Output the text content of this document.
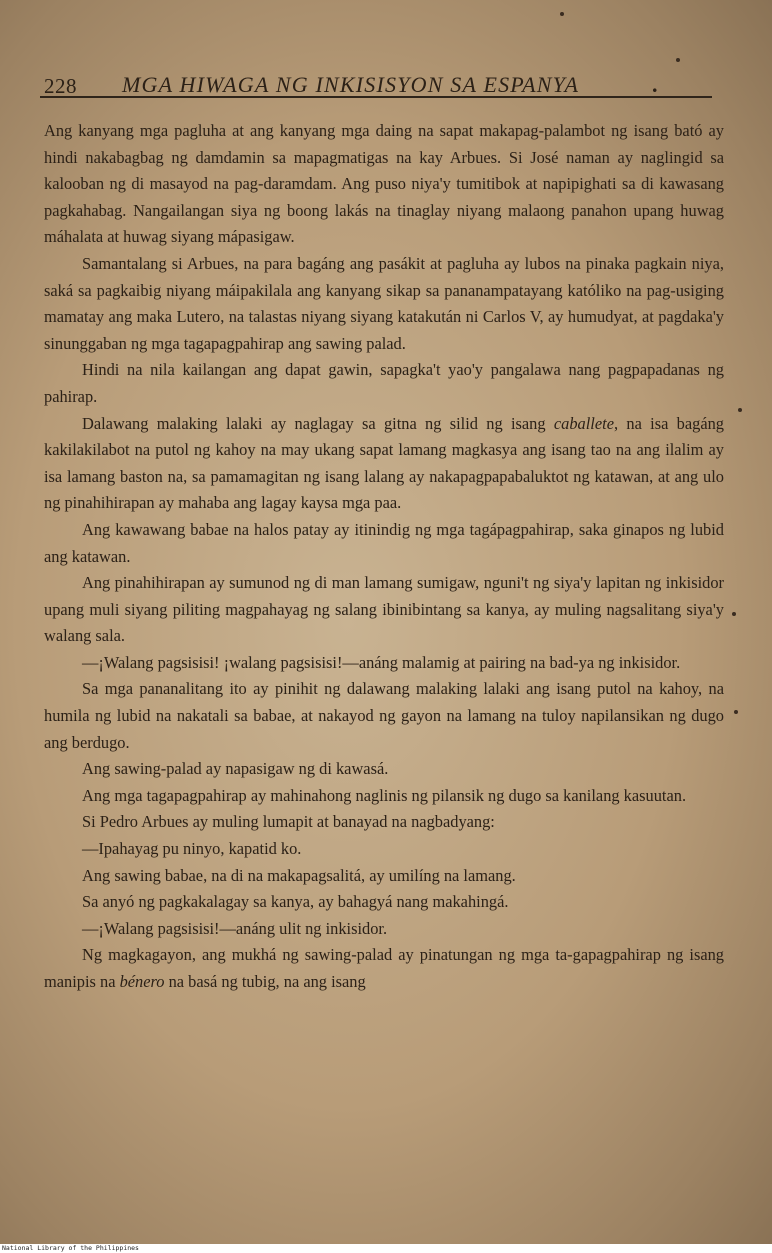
228 MGA HIWAGA NG INKISISYON SA ESPANYA	.

Ang kanyang mga pagluha at ang kanyang mga daing na sapat makapag-palambot ng isang bató ay hindi nakabagbag ng damdamin sa mapagmatigas na kay Arbues. Si José naman ay naglingid sa kalooban ng di masayod na pag-daramdam. Ang puso niya'y tumitibok at napipighati sa di kawasang pagkahabag. Nangailangan siya ng boong lakás na tinaglay niyang malaong panahon upang huwag máhalata at huwag siyang mápasigaw.

Samantalang si Arbues, na para bagáng ang pasákit at pagluha ay lubos na pinaka pagkain niya, saká sa pagkaibig niyang máipakilala ang kanyang sikap sa pananampatayang katóliko na pag-usiging mamatay ang maka Lutero, na talastas niyang siyang katakután ni Carlos V, ay humudyat, at pagdaka'y sinunggaban ng mga tagapagpahirap ang sawing palad.

Hindi na nila kailangan ang dapat gawin, sapagka't yao'y pangalawa nang pagpapadanas ng pahirap.

Dalawang malaking lalaki ay naglagay sa gitna ng silid ng isang caballete, na isa bagáng kakilakilabot na putol ng kahoy na may ukang sapat lamang magkasya ang isang tao na ang ilalim ay isa lamang baston na, sa pamamagitan ng isang lalang ay nakapagpapabaluktot ng katawan, at ang ulo ng pinahihirapan ay mahaba ang lagay kaysa mga paa.

Ang kawawang babae na halos patay ay itinindig ng mga tagápagpahirap, saka ginapos ng lubid ang katawan.

Ang pinahihirapan ay sumunod ng di man lamang sumigaw, nguni't ng siya'y lapitan ng inkisidor upang muli siyang piliting magpahayag ng salang ibinibintang sa kanya, ay muling nagsalitang siya'y walang sala.

—¡Walang pagsisisi! ¡walang pagsisisi!—anáng malamig at pairing na bad-ya ng inkisidor.

Sa mga pananalitang ito ay pinihit ng dalawang malaking lalaki ang isang putol na kahoy, na humila ng lubid na nakatali sa babae, at nakayod ng gayon na lamang na tuloy napilansikan ng dugo ang berdugo.

Ang sawing-palad ay napasigaw ng di kawasá.

Ang mga tagapagpahirap ay mahinahong naglinis ng pilansik ng dugo sa kanilang kasuutan.

Si Pedro Arbues ay muling lumapit at banayad na nagbadyang:

—Ipahayag pu ninyo, kapatid ko.

Ang sawing babae, na di na makapagsalitá, ay umilíng na lamang.

Sa anyó ng pagkakalagay sa kanya, ay bahagyá nang makahingá.

—¡Walang pagsisisi!—anáng ulit ng inkisidor.

Ng magkagayon, ang mukhá ng sawing-palad ay pinatungan ng mga ta-gapagpahirap ng isang manipis na bénero na basá ng tubig, na ang isang

National Library of the Philippines
